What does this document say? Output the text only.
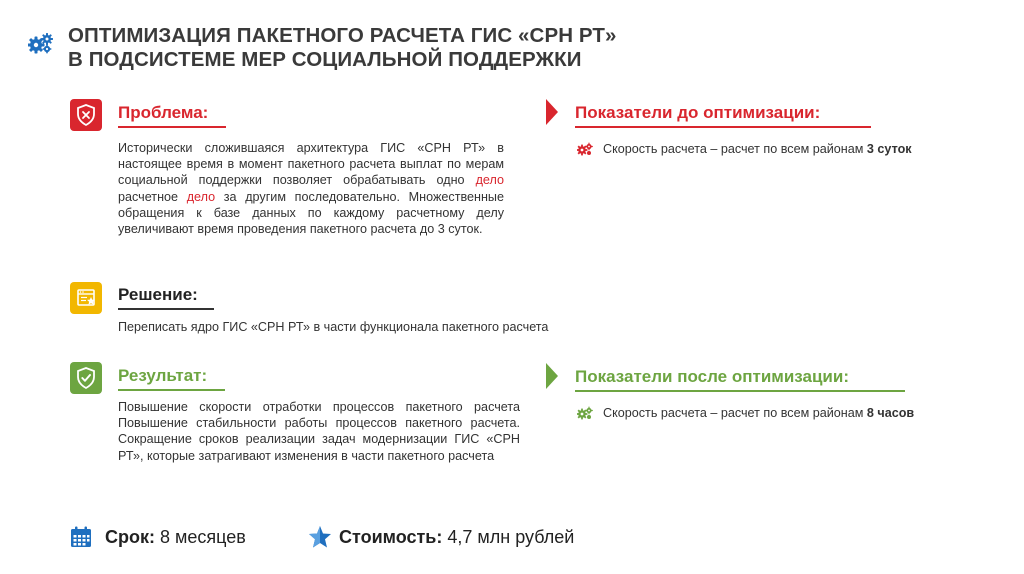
ОПТИМИЗАЦИЯ ПАКЕТНОГО РАСЧЕТА ГИС «СРН РТ»
В ПОДСИСТЕМЕ МЕР СОЦИАЛЬНОЙ ПОДДЕРЖКИ
Проблема:
Исторически сложившаяся архитектура ГИС «СРН РТ» в настоящее время в момент пакетного расчета выплат по мерам социальной поддержки позволяет обрабатывать одно дело расчетное дело за другим последовательно. Множественные обращения к базе данных по каждому расчетному делу увеличивают время проведения пакетного расчета до 3 суток.
Показатели до оптимизации:
Скорость расчета – расчет по всем районам 3 суток
Решение:
Переписать ядро ГИС «СРН РТ» в части функционала пакетного расчета
Результат:
Повышение скорости отработки процессов пакетного расчета Повышение стабильности работы процессов пакетного расчета. Сокращение сроков реализации задач модернизации ГИС «СРН РТ», которые затрагивают изменения в части пакетного расчета
Показатели после оптимизации:
Скорость расчета – расчет по всем районам 8 часов
Срок: 8 месяцев	Стоимость: 4,7 млн рублей
